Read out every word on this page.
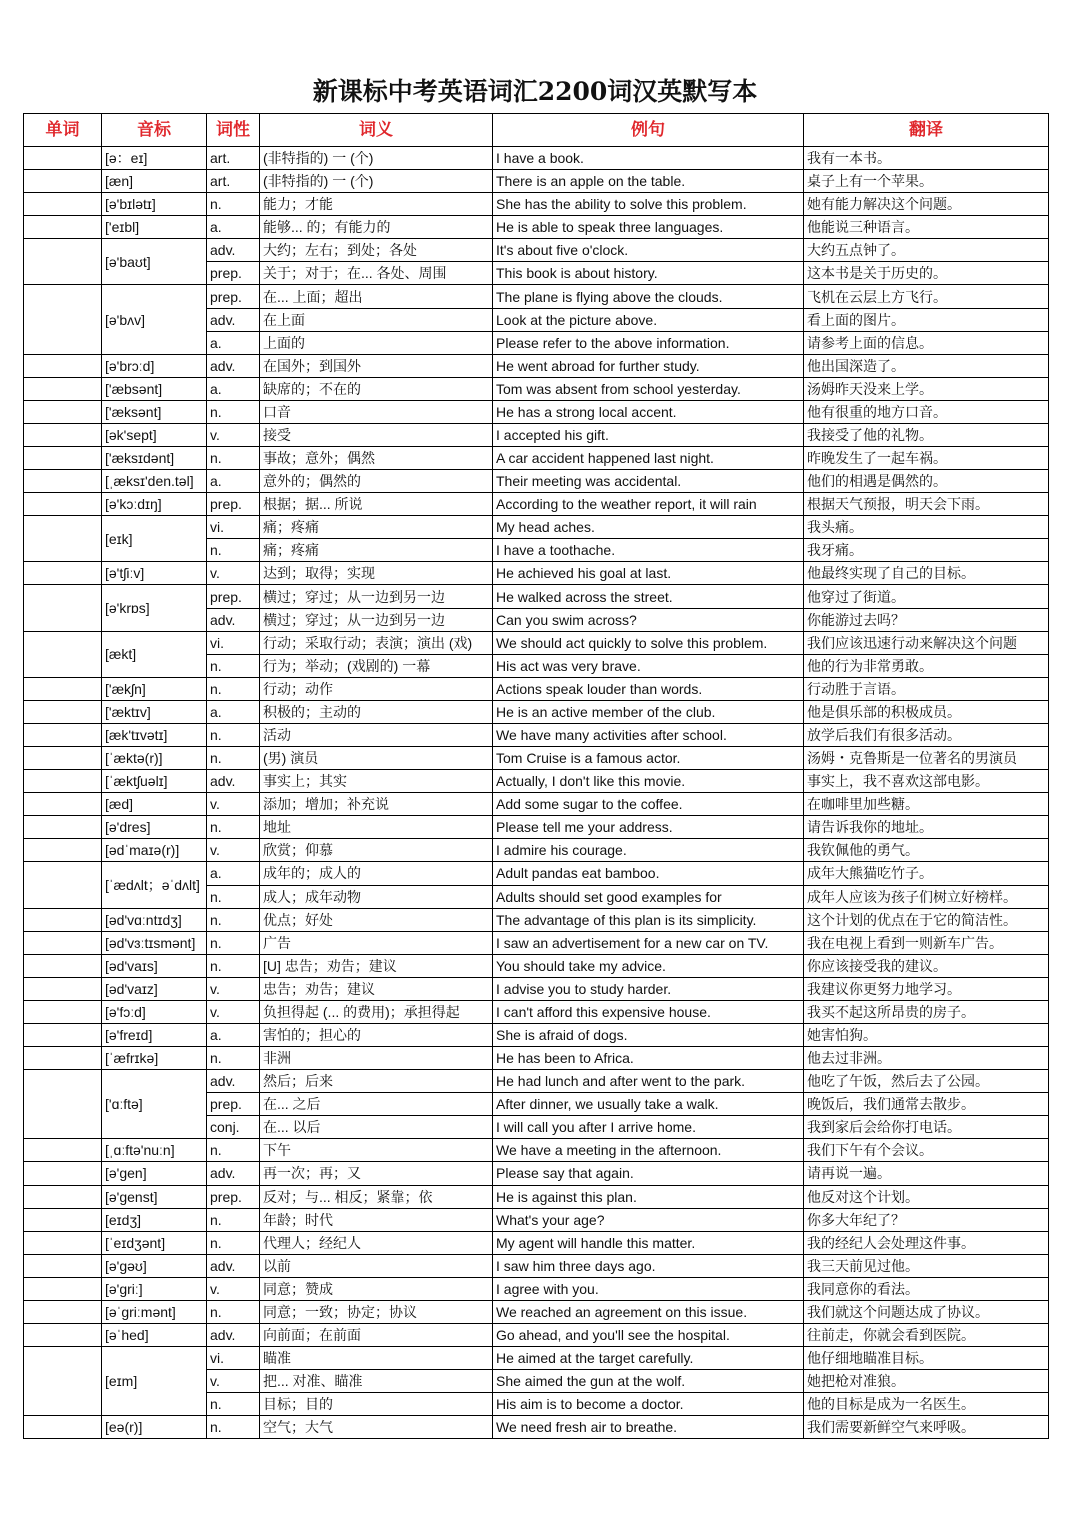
新课标中考英语词汇2200词汉英默写本
单词	音标	词性	词义	例句	翻译
	[ə：eɪ]	art.	(非特指的) 一 (个)	I have a book.	我有一本书。
	[æn]	art.	(非特指的) 一 (个)	There is an apple on the table.	桌子上有一个苹果。
	[ə'bɪlətɪ]	n.	能力；才能	She has the ability to solve this problem.	她有能力解决这个问题。
	['eɪbl]	a.	能够... 的；有能力的	He is able to speak three languages.	他能说三种语言。
	[ə'baʊt]	adv.	大约；左右；到处；各处	It's about five o'clock.	大约五点钟了。
		prep.	关于；对于；在... 各处、周围	This book is about history.	这本书是关于历史的。
	[ə'bʌv]	prep.	在... 上面；超出	The plane is flying above the clouds.	飞机在云层上方飞行。
		adv.	在上面	Look at the picture above.	看上面的图片。
		a.	上面的	Please refer to the above information.	请参考上面的信息。
	[ə'brɔːd]	adv.	在国外；到国外	He went abroad for further study.	他出国深造了。
	['æbsənt]	a.	缺席的；不在的	Tom was absent from school yesterday.	汤姆昨天没来上学。
	['æksənt]	n.	口音	He has a strong local accent.	他有很重的地方口音。
	[ək'sept]	v.	接受	I accepted his gift.	我接受了他的礼物。
	['æksɪdənt]	n.	事故；意外；偶然	A car accident happened last night.	昨晚发生了一起车祸。
	[ˌæksɪ'den.təl]	a.	意外的；偶然的	Their meeting was accidental.	他们的相遇是偶然的。
	[ə'kɔːdɪŋ]	prep.	根据；据... 所说	According to the weather report, it will rain	根据天气预报，明天会下雨。
	[eɪk]	vi.	痛；疼痛	My head aches.	我头痛。
		n.	痛；疼痛	I have a toothache.	我牙痛。
	[ə'tʃiːv]	v.	达到；取得；实现	He achieved his goal at last.	他最终实现了自己的目标。
	[ə'krɒs]	prep.	横过；穿过；从一边到另一边	He walked across the street.	他穿过了街道。
		adv.	横过；穿过；从一边到另一边	Can you swim across?	你能游过去吗？
	[ækt]	vi.	行动；采取行动；表演；演出 (戏)	We should act quickly to solve this problem.	我们应该迅速行动来解决这个问题
		n.	行为；举动；(戏剧的) 一幕	His act was very brave.	他的行为非常勇敢。
	['ækʃn]	n.	行动；动作	Actions speak louder than words.	行动胜于言语。
	['æktɪv]	a.	积极的；主动的	He is an active member of the club.	他是俱乐部的积极成员。
	[æk'tɪvətɪ]	n.	活动	We have many activities after school.	放学后我们有很多活动。
	[ˈæktə(r)]	n.	(男) 演员	Tom Cruise is a famous actor.	汤姆・克鲁斯是一位著名的男演员
	[ˈæktʃuəlɪ]	adv.	事实上；其实	Actually, I don't like this movie.	事实上，我不喜欢这部电影。
	[æd]	v.	添加；增加；补充说	Add some sugar to the coffee.	在咖啡里加些糖。
	[ə'dres]	n.	地址	Please tell me your address.	请告诉我你的地址。
	[ədˈmaɪə(r)]	v.	欣赏；仰慕	I admire his courage.	我钦佩他的勇气。
	[ˈædʌlt；əˈdʌlt]	a.	成年的；成人的	Adult pandas eat bamboo.	成年大熊猫吃竹子。
		n.	成人；成年动物	Adults should set good examples for	成年人应该为孩子们树立好榜样。
	[əd'vɑːntɪdʒ]	n.	优点；好处	The advantage of this plan is its simplicity.	这个计划的优点在于它的简洁性。
	[əd'vɜːtɪsmənt]	n.	广告	I saw an advertisement for a new car on TV.	我在电视上看到一则新车广告。
	[əd'vaɪs]	n.	[U] 忠告；劝告；建议	You should take my advice.	你应该接受我的建议。
	[əd'vaɪz]	v.	忠告；劝告；建议	I advise you to study harder.	我建议你更努力地学习。
	[ə'fɔːd]	v.	负担得起 (... 的费用)；承担得起	I can't afford this expensive house.	我买不起这所昂贵的房子。
	[ə'freɪd]	a.	害怕的；担心的	She is afraid of dogs.	她害怕狗。
	[ˈæfrɪkə]	n.	非洲	He has been to Africa.	他去过非洲。
	['ɑːftə]	adv.	然后；后来	He had lunch and after went to the park.	他吃了午饭，然后去了公园。
		prep.	在... 之后	After dinner, we usually take a walk.	晚饭后，我们通常去散步。
		conj.	在... 以后	I will call you after I arrive home.	我到家后会给你打电话。
	[ˌɑːftə'nuːn]	n.	下午	We have a meeting in the afternoon.	我们下午有个会议。
	[ə'gen]	adv.	再一次；再；又	Please say that again.	请再说一遍。
	[ə'genst]	prep.	反对；与... 相反；紧靠；依	He is against this plan.	他反对这个计划。
	[eɪdʒ]	n.	年龄；时代	What's your age?	你多大年纪了？
	[ˈeɪdʒənt]	n.	代理人；经纪人	My agent will handle this matter.	我的经纪人会处理这件事。
	[ə'gəʊ]	adv.	以前	I saw him three days ago.	我三天前见过他。
	[ə'griː]	v.	同意；赞成	I agree with you.	我同意你的看法。
	[əˈgriːmənt]	n.	同意；一致；协定；协议	We reached an agreement on this issue.	我们就这个问题达成了协议。
	[əˈhed]	adv.	向前面；在前面	Go ahead, and you'll see the hospital.	往前走，你就会看到医院。
	[eɪm]	vi.	瞄准	He aimed at the target carefully.	他仔细地瞄准目标。
		v.	把... 对准、瞄准	She aimed the gun at the wolf.	她把枪对准狼。
		n.	目标；目的	His aim is to become a doctor.	他的目标是成为一名医生。
	[eə(r)]	n.	空气；大气	We need fresh air to breathe.	我们需要新鲜空气来呼吸。
